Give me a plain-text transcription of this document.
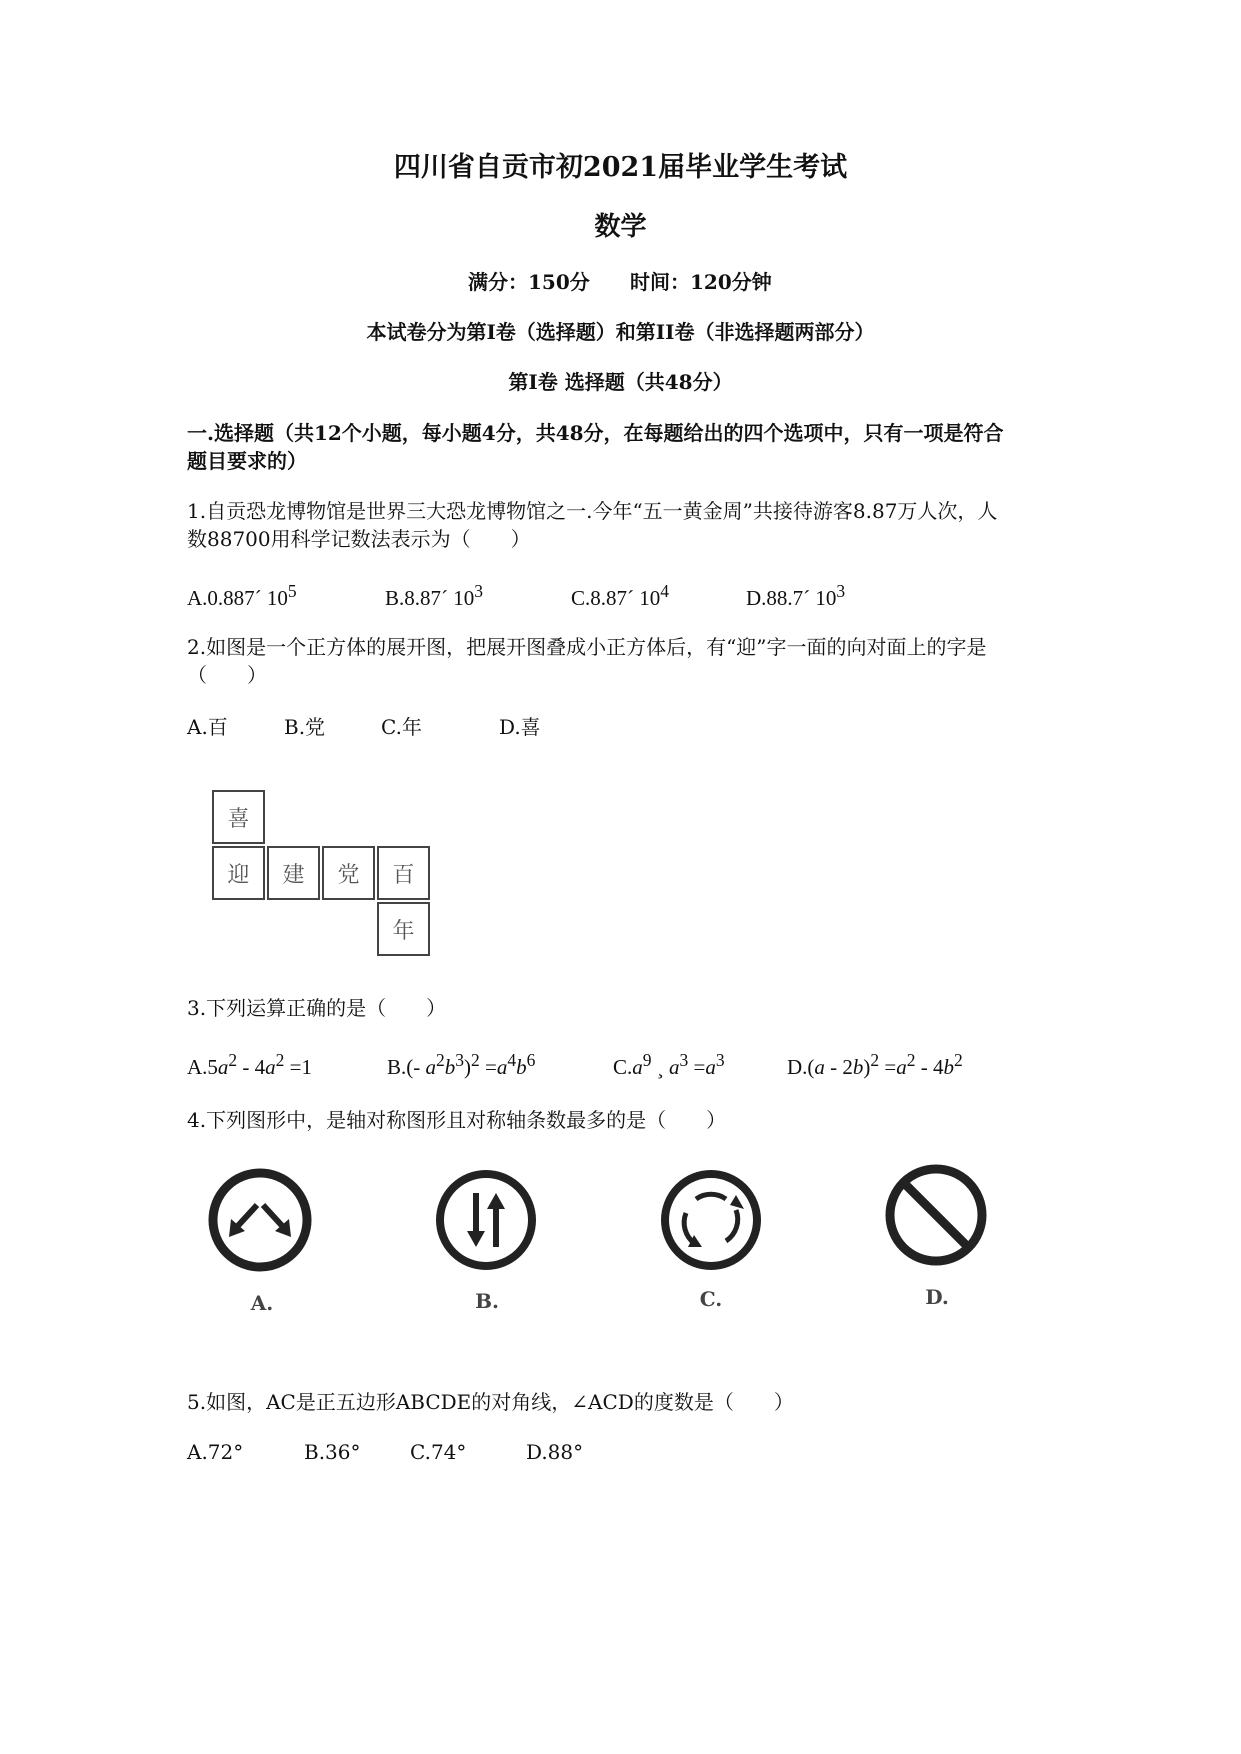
四川省自贡市初2021届毕业学生考试
数学
满分：150分 时间：120分钟
本试卷分为第I卷（选择题）和第II卷（非选择题两部分）
第I卷 选择题（共48分）
一.选择题（共12个小题，每小题4分，共48分，在每题给出的四个选项中，只有一项是符合
题目要求的）
1.自贡恐龙博物馆是世界三大恐龙博物馆之一.今年“五一黄金周”共接待游客8.87万人次，人
数88700用科学记数法表示为（　　）
A.0.887´ $10^5$	B.8.87´ $10^3$	C.8.87´ $10^4$	D.88.7´ $10^3$
2.如图是一个正方体的展开图，把展开图叠成小正方体后，有“迎”字一面的向对面上的字是
（　　）
A.百	B.党	C.年	D.喜
喜
迎	建	党	百
年
3.下列运算正确的是（　　）
$A.5a^2 - 4a^2 =1$	B.(- $a^2b^3)^2 =a^4b^6$	$C.a^9$ ¸ $a^3 =a^3$	$D.(a - 2b)^2 =a^2 - 4b^2$
4.下列图形中，是轴对称图形且对称轴条数最多的是（　　）
A.	B.	C.	D.
5.如图，AC是正五边形ABCDE的对角线，∠ACD的度数是（　　）
A.72°	B.36° C.74°	D.88°
